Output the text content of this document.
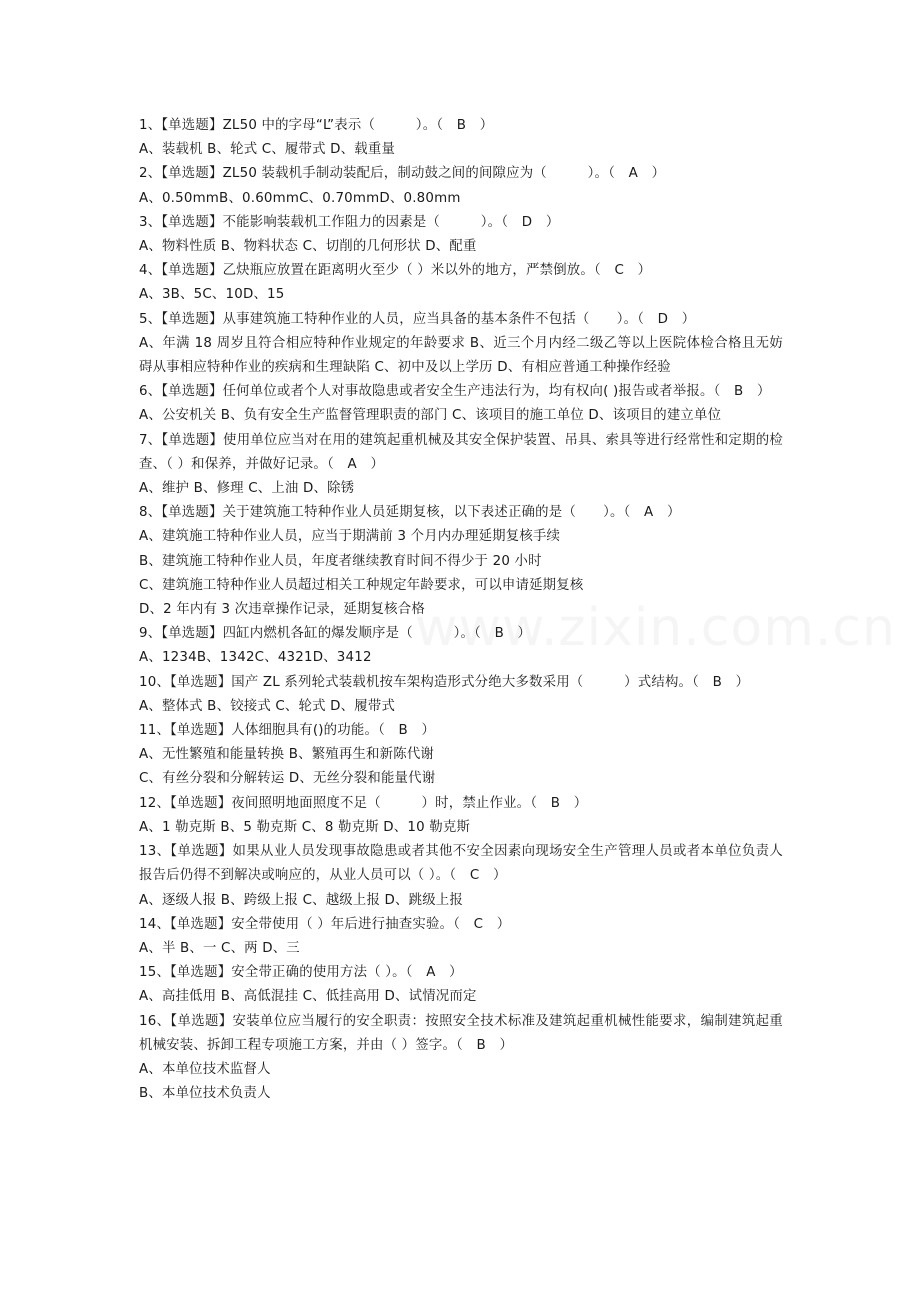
www.zixin.com.cn
1、【单选题】ZL50 中的字母“L”表示（　　　）。（　B　）
A、装载机 B、轮式 C、履带式 D、载重量
2、【单选题】ZL50 装载机手制动装配后，制动鼓之间的间隙应为（　　　）。（　A　）
A、0.50mmB、0.60mmC、0.70mmD、0.80mm
3、【单选题】不能影响装载机工作阻力的因素是（　　　）。（　D　）
A、物料性质 B、物料状态 C、切削的几何形状 D、配重
4、【单选题】乙炔瓶应放置在距离明火至少（ ）米以外的地方，严禁倒放。（　C　）
A、3B、5C、10D、15
5、【单选题】从事建筑施工特种作业的人员，应当具备的基本条件不包括（　　）。（　D　）
A、年满 18 周岁且符合相应特种作业规定的年龄要求 B、近三个月内经二级乙等以上医院体检合格且无妨碍从事相应特种作业的疾病和生理缺陷 C、初中及以上学历 D、有相应普通工种操作经验
6、【单选题】任何单位或者个人对事故隐患或者安全生产违法行为，均有权向( )报告或者举报。（　B　）
A、公安机关 B、负有安全生产监督管理职责的部门 C、该项目的施工单位 D、该项目的建立单位
7、【单选题】使用单位应当对在用的建筑起重机械及其安全保护装置、吊具、索具等进行经常性和定期的检查、（ ）和保养，并做好记录。（　A　）
A、维护 B、修理 C、上油 D、除锈
8、【单选题】关于建筑施工特种作业人员延期复核，以下表述正确的是（　　）。（　A　）
A、建筑施工特种作业人员，应当于期满前 3 个月内办理延期复核手续
B、建筑施工特种作业人员，年度者继续教育时间不得少于 20 小时
C、建筑施工特种作业人员超过相关工种规定年龄要求，可以申请延期复核
D、2 年内有 3 次违章操作记录，延期复核合格
9、【单选题】四缸内燃机各缸的爆发顺序是（　　　）。（　B　）
A、1234B、1342C、4321D、3412
10、【单选题】国产 ZL 系列轮式装载机按车架构造形式分绝大多数采用（　　　）式结构。（　B　）
A、整体式 B、铰接式 C、轮式 D、履带式
11、【单选题】人体细胞具有()的功能。（　B　）
A、无性繁殖和能量转换 B、繁殖再生和新陈代谢
C、有丝分裂和分解转运 D、无丝分裂和能量代谢
12、【单选题】夜间照明地面照度不足（　　　）时，禁止作业。（　B　）
A、1 勒克斯 B、5 勒克斯 C、8 勒克斯 D、10 勒克斯
13、【单选题】如果从业人员发现事故隐患或者其他不安全因素向现场安全生产管理人员或者本单位负责人报告后仍得不到解决或响应的，从业人员可以（ ）。（　C　）
A、逐级人报 B、跨级上报 C、越级上报 D、跳级上报
14、【单选题】安全带使用（ ）年后进行抽查实验。（　C　）
A、半 B、一 C、两 D、三
15、【单选题】安全带正确的使用方法（ ）。（　A　）
A、高挂低用 B、高低混挂 C、低挂高用 D、试情况而定
16、【单选题】安装单位应当履行的安全职责：按照安全技术标准及建筑起重机械性能要求，编制建筑起重机械安装、拆卸工程专项施工方案，并由（ ）签字。（　B　）
A、本单位技术监督人
B、本单位技术负责人
